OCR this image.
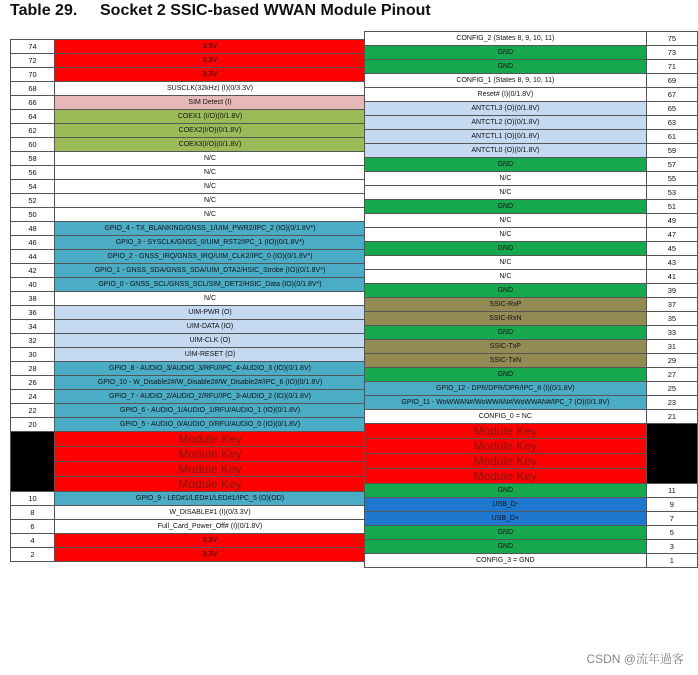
Table 29. Socket 2 SSIC-based WWAN Module Pinout
74	3.3V
72	3.3V
70	3.3V
68	SUSCLK(32kHz) (I)(0/3.3V)
66	SIM Detect (I)
64	COEX1 (I/O)(0/1.8V)
62	COEX2(I/O)(0/1.8V)
60	COEX3(I/O)(0/1.8V)
58	N/C
56	N/C
54	N/C
52	N/C
50	N/C
48	GPIO_4 - TX_BLANKING/GNSS_1/UIM_PWR2/IPC_2 (IO)(0/1.8V*)
46	GPIO_3 - SYSCLK/GNSS_0/UIM_RST2/IPC_1 (IO)(0/1.8V*)
44	GPIO_2 - GNSS_IRQ/GNSS_IRQ/UIM_CLK2/IPC_0 (IO)(0/1.8V*)
42	GPIO_1 - GNSS_SDA/GNSS_SDA/UIM_DTA2/HSIC_Strobe (IO)(0/1.8V*)
40	GPIO_0 - GNSS_SCL/GNSS_SCL/SIM_DET2/HSIC_Data (IO)(0/1.8V*)
38	N/C
36	UIM-PWR (O)
34	UIM-DATA (IO)
32	UIM-CLK (O)
30	UIM-RESET (O)
28	GPIO_8 - AUDIO_3/AUDIO_3/RFU/IPC_4-AUDIO_3 (IO)(0/1.8V)
26	GPIO_10 - W_Disable2#/W_Disable2#/W_Disable2#/IPC_6 (IO)(0/1.8V)
24	GPIO_7 - AUDIO_2/AUDIO_2/RFU/IPC_3-AUDIO_2 (IO)(0/1.8V)
22	GPIO_6 - AUDIO_1/AUDIO_1/RFU/AUDIO_1 (IO)(0/1.8V)
20	GPIO_5 - AUDIO_0/AUDIO_0/RFU/AUDIO_0 (IO)(0/1.8V)
	Module Key
	Module Key
	Module Key
	Module Key
10	GPIO_9 - LED#1/LED#1/LED#1/IPC_5 (O)(OD)
8	W_DISABLE#1 (I)(0/3.3V)
6	Full_Card_Power_Off# (I)(0/1.8V)
4	3.3V
2	3.3V
CONFIG_2 (States 8, 9, 10, 11)	75
GND	73
GND	71
CONFIG_1 (States 8, 9, 10, 11)	69
Reset# (I)(0/1.8V)	67
ANTCTL3 (O)(0/1.8V)	65
ANTCTL2 (O)(0/1.8V)	63
ANTCTL1 (O)(0/1.8V)	61
ANTCTL0 (O)(0/1.8V)	59
GND	57
N/C	55
N/C	53
GND	51
N/C	49
N/C	47
GND	45
N/C	43
N/C	41
GND	39
SSIC-RxP	37
SSIC-RxN	35
GND	33
SSIC-TxP	31
SSIC-TxN	29
GND	27
GPIO_12 - DPR/DPR/DPR/IPC_8 (I)(0/1.8V)	25
GPIO_11 - WoWWAN#/WoWWAN#/WoWWAN#/IPC_7 (O)(0/1.8V)	23
CONFIG_0 = NC	21
Module Key	
Module Key	
Module Key	
Module Key	
GND	11
USB_D-	9
USB_D+	7
GND	5
GND	3
CONFIG_3 = GND	1
CSDN @流年過客
